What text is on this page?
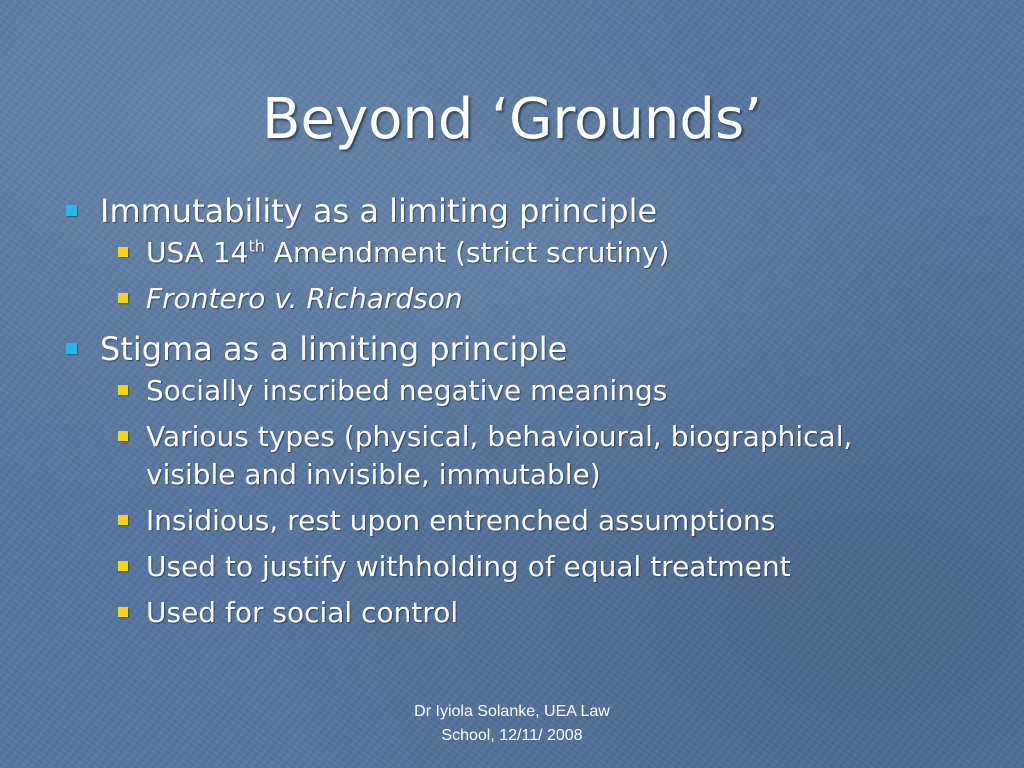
Beyond ‘Grounds’
Immutability as a limiting principle
USA 14th Amendment (strict scrutiny)
Frontero v. Richardson
Stigma as a limiting principle
Socially inscribed negative meanings
Various types (physical, behavioural, biographical,
visible and invisible, immutable)
Insidious, rest upon entrenched assumptions
Used to justify withholding of equal treatment
Used for social control
Dr Iyiola Solanke, UEA Law
School, 12/11/ 2008
